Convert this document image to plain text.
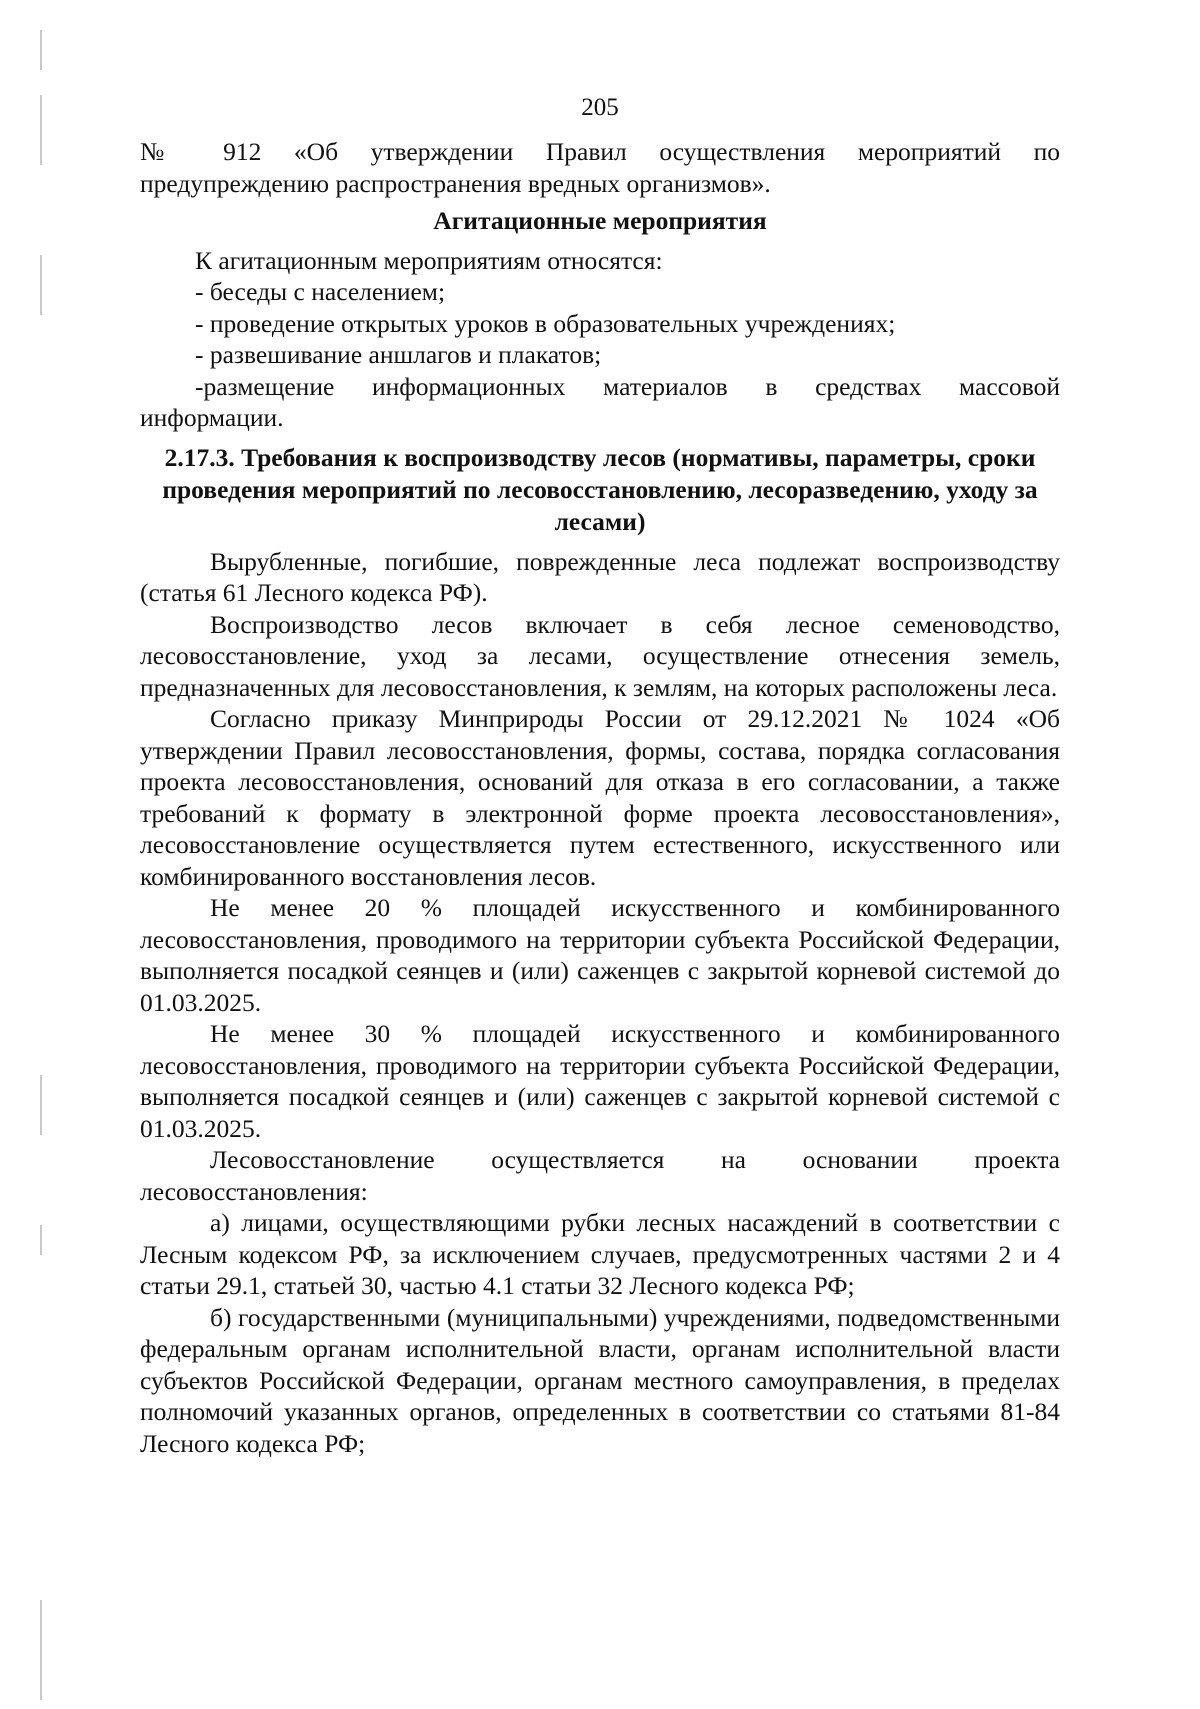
205

№ 912 «Об утверждении Правил осуществления мероприятий по

предупреждению распространения вредных организмов».

Агитационные мероприятия

К агитационным мероприятиям относятся:

- беседы с населением;

- проведение открытых уроков в образовательных учреждениях;

- развешивание аншлагов и плакатов;

-размещение информационных материалов в средствах массовой

информации.

2.17.3. Требования к воспроизводству лесов (нормативы, параметры, сроки проведения мероприятий по лесовосстановлению, лесоразведению, уходу за лесами)

Вырубленные, погибшие, поврежденные леса подлежат воспроизводству (статья 61 Лесного кодекса РФ).

Воспроизводство лесов включает в себя лесное семеноводство, лесовосстановление, уход за лесами, осуществление отнесения земель, предназначенных для лесовосстановления, к землям, на которых расположены леса.

Согласно приказу Минприроды России от 29.12.2021 № 1024 «Об утверждении Правил лесовосстановления, формы, состава, порядка согласования проекта лесовосстановления, оснований для отказа в его согласовании, а также требований к формату в электронной форме проекта лесовосстановления», лесовосстановление осуществляется путем естественного, искусственного или комбинированного восстановления лесов.

Не менее 20 % площадей искусственного и комбинированного лесовосстановления, проводимого на территории субъекта Российской Федерации, выполняется посадкой сеянцев и (или) саженцев с закрытой корневой системой до 01.03.2025.

Не менее 30 % площадей искусственного и комбинированного лесовосстановления, проводимого на территории субъекта Российской Федерации, выполняется посадкой сеянцев и (или) саженцев с закрытой корневой системой с 01.03.2025.

Лесовосстановление осуществляется на основании проекта лесовосстановления:

а) лицами, осуществляющими рубки лесных насаждений в соответствии с Лесным кодексом РФ, за исключением случаев, предусмотренных частями 2 и 4 статьи 29.1, статьей 30, частью 4.1 статьи 32 Лесного кодекса РФ;

б) государственными (муниципальными) учреждениями, подведомственными федеральным органам исполнительной власти, органам исполнительной власти субъектов Российской Федерации, органам местного самоуправления, в пределах полномочий указанных органов, определенных в соответствии со статьями 81-84 Лесного кодекса РФ;
